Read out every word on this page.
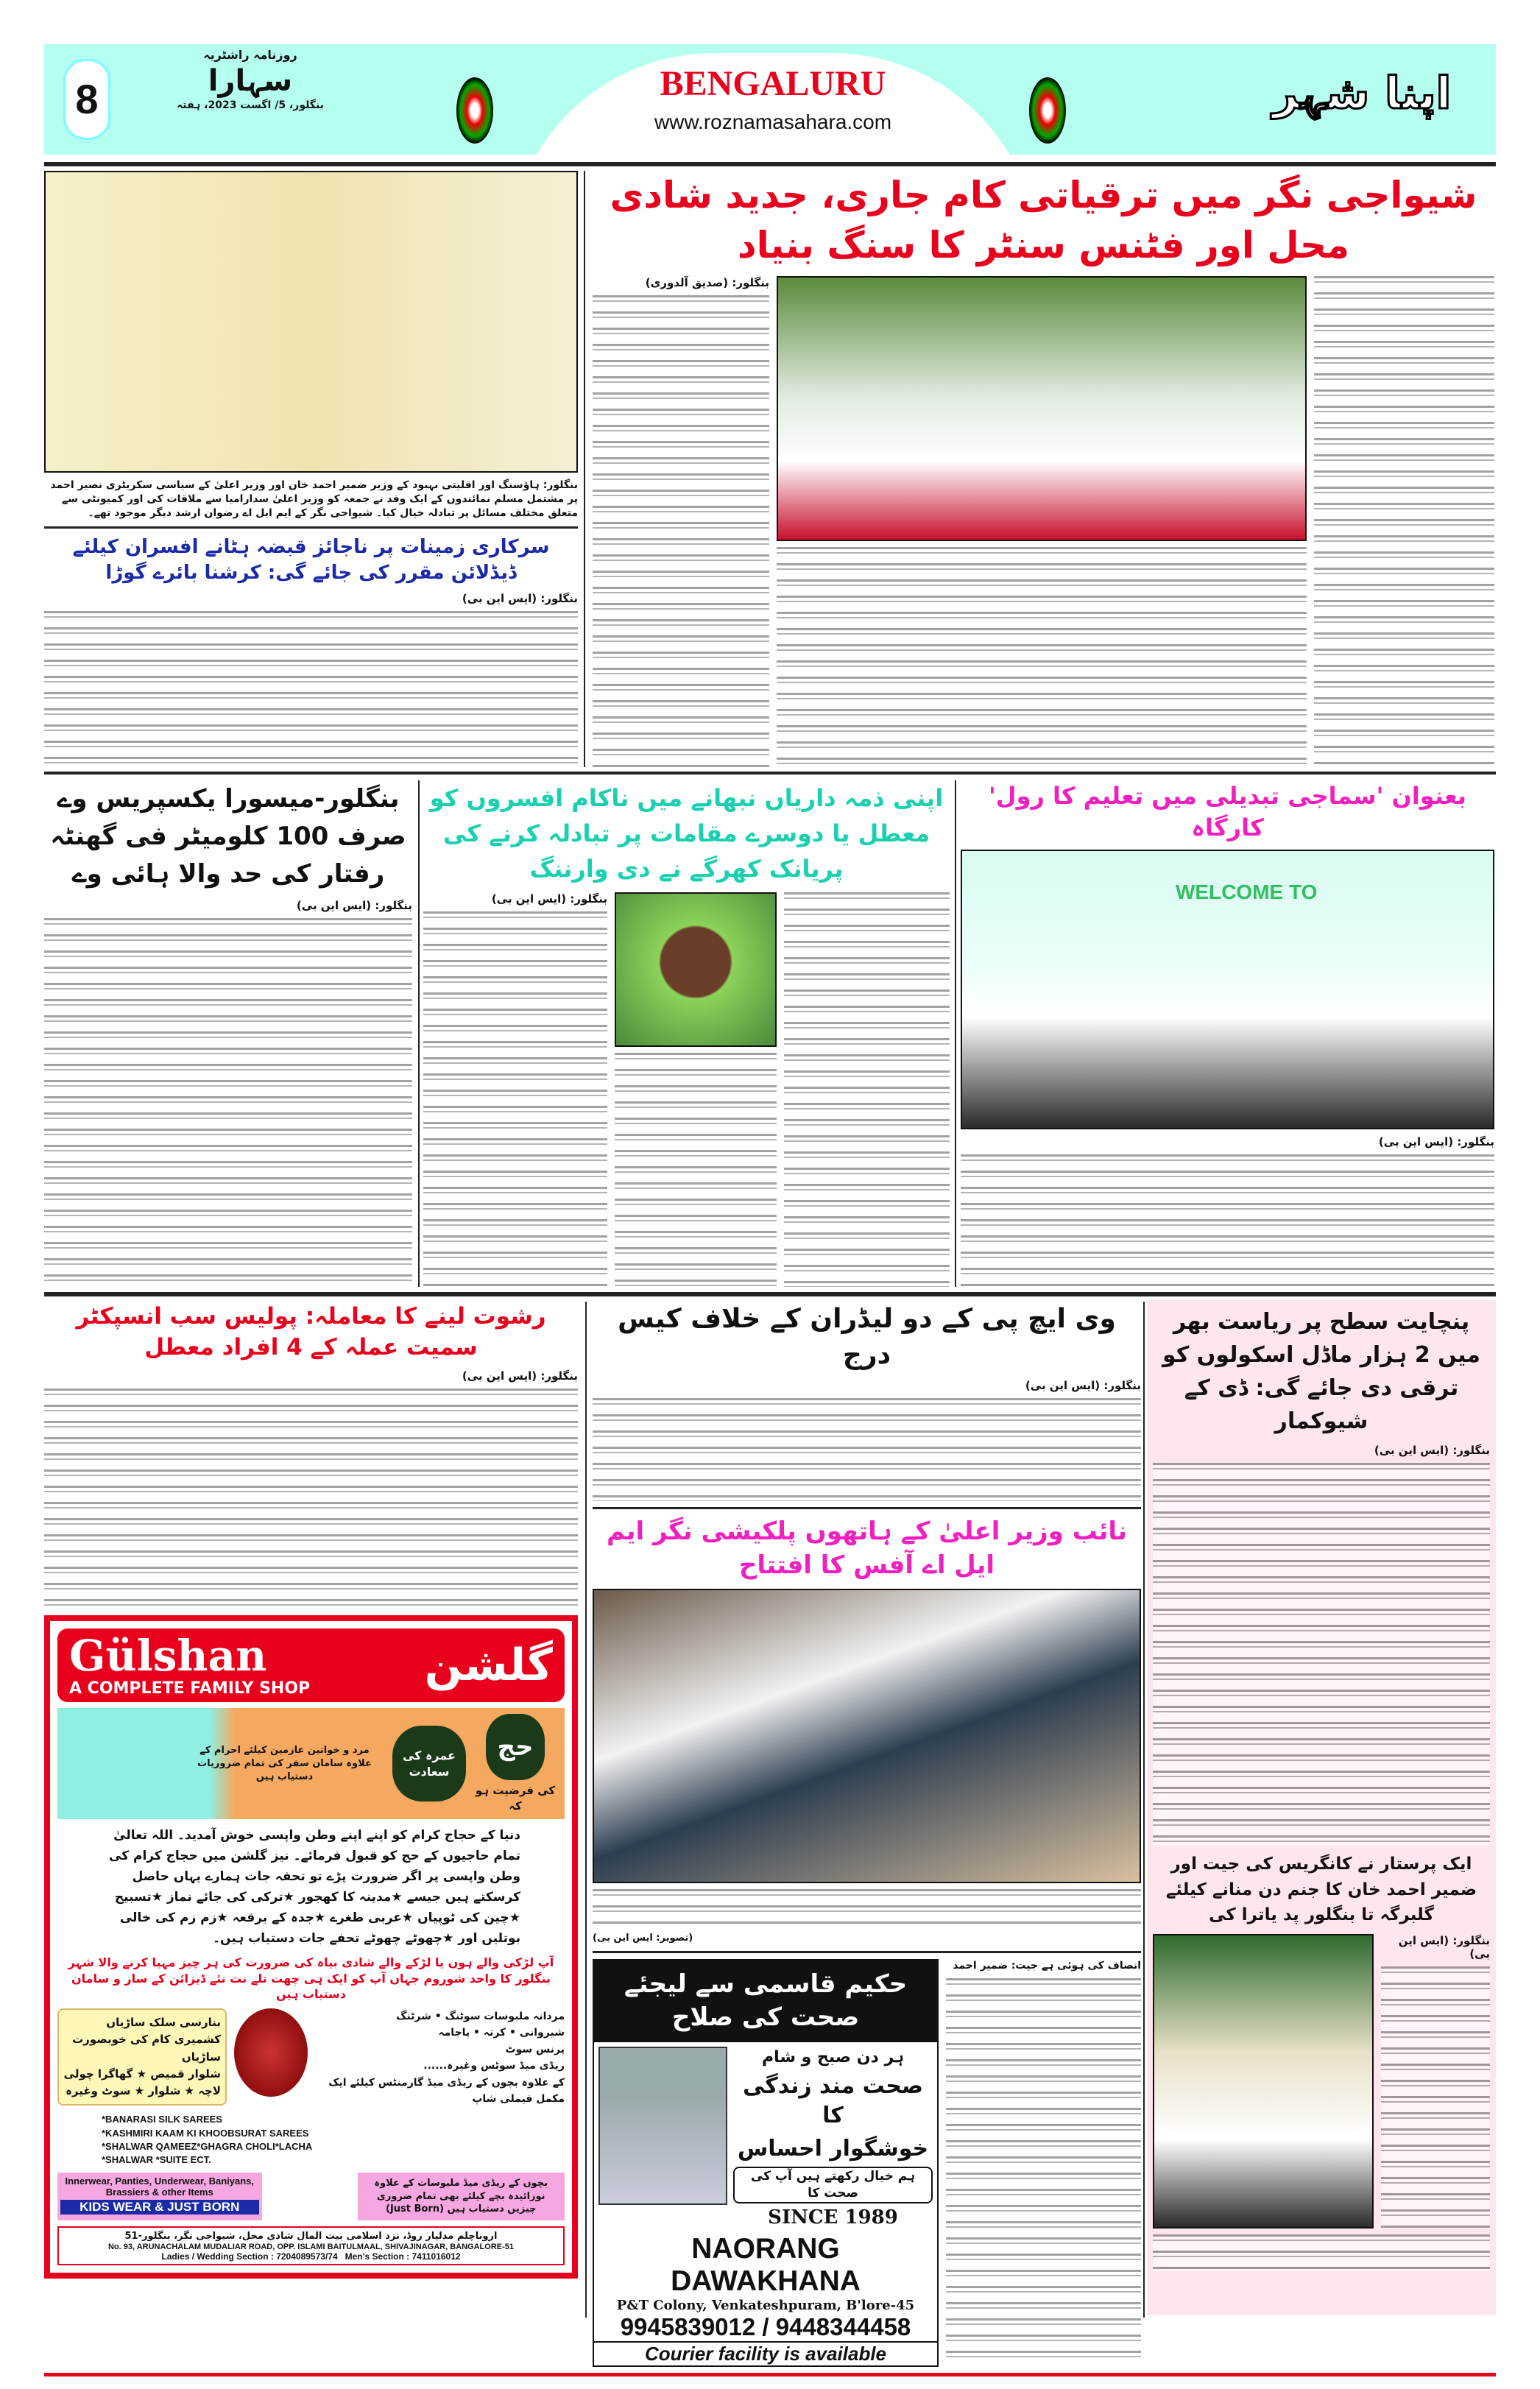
8
روزنامہ راشٹریہ
سہارا
بنگلور، 5/ اگست 2023، ہفتہ
BENGALURU
www.roznamasahara.com
اپنا شہر
بنگلور: ہاؤسنگ اور اقلیتی بہبود کے وزیر ضمیر احمد خان اور وزیر اعلیٰ کے سیاسی سکریٹری نصیر احمد پر مشتمل مسلم نمائندوں کے ایک وفد نے جمعہ کو وزیر اعلیٰ سدارامیا سے ملاقات کی اور کمیونٹی سے متعلق مختلف مسائل پر تبادلہ خیال کیا۔ شیواجی نگر کے ایم ایل اے رضوان ارشد دیگر موجود تھے۔
سرکاری زمینات پر ناجائز قبضہ ہٹانے افسران کیلئے ڈیڈلائن مقرر کی جائے گی: کرشنا بائرے گوڑا
بنگلور: (ایس این بی)
شیواجی نگر میں ترقیاتی کام جاری، جدید شادی محل اور فٹنس سنٹر کا سنگ بنیاد
بنگلور: (صدیق آلدوری)
بنگلور-میسورا یکسپریس وے صرف 100 کلومیٹر فی گھنٹہ رفتار کی حد والا ہائی وے
بنگلور: (ایس این بی)
اپنی ذمہ داریاں نبھانے میں ناکام افسروں کو معطل یا دوسرے مقامات پر تبادلہ کرنے کی پریانک کھرگے نے دی وارننگ
بنگلور: (ایس این بی)
بعنوان 'سماجی تبدیلی میں تعلیم کا رول' کارگاہ
WELCOME TO
بنگلور: (ایس این بی)
رشوت لینے کا معاملہ: پولیس سب انسپکٹر سمیت عملہ کے 4 افراد معطل
بنگلور: (ایس این بی)
Gülshan
A COMPLETE FAMILY SHOP	گلشن
مرد و خواتین عازمین کیلئے احرام کے علاوہ سامان سفر کی تمام ضروریات دستیاب ہیں
عمرہ کی سعادت
حج
کی فرضیت ہو کہ
دنیا کے حجاج کرام کو اپنے اپنے وطن واپسی خوش آمدید۔ اللہ تعالیٰ تمام حاجیوں کے حج کو قبول فرمائے۔ نیز گلشن میں حجاج کرام کی وطن واپسی پر اگر ضرورت پڑے تو تحفہ جات ہمارے یہاں حاصل کرسکتے ہیں جیسے ★مدینہ کا کھجور ★ترکی کی جائے نماز ★تسبیح ★چین کی ٹوپیاں ★عربی طغرے ★جدہ کے برقعہ ★زم زم کی خالی بوتلیں اور ★چھوٹے چھوٹے تحفے جات دستیاب ہیں۔
آپ لڑکی والے ہوں یا لڑکے والے شادی بیاہ کی ضرورت کی ہر چیز مہیا کرنے والا شہر بنگلور کا واحد شوروم جہاں آپ کو ایک ہی چھت تلے نت نئے ڈیزائن کے ساز و سامان دستیاب ہیں
بنارسی سلک ساڑیاں
کشمیری کام کی خوبصورت ساڑیاں
شلوار قمیص ★ گھاگرا چولی
لاچہ ★ شلوار ★ سوٹ وغیرہ
مردانہ ملبوسات سوٹنگ • شرٹنگ
شیروانی • کرتہ • پاجامہ
پرنس سوٹ
ریڈی میڈ سوٹس وغیرہ......
کے علاوہ بچوں کے ریڈی میڈ گارمنٹس کیلئے ایک مکمل فیملی شاپ
*BANARASI SILK SAREES
*KASHMIRI KAAM KI KHOOBSURAT SAREES
*SHALWAR QAMEEZ*GHAGRA CHOLI*LACHA
*SHALWAR *SUITE ECT.
Innerwear, Panties, Underwear, Baniyans, Brassiers & other Items
KIDS WEAR & JUST BORN
بچوں کے ریڈی میڈ ملبوسات کے علاوہ نوزائیدہ بچے کیلئے بھی تمام ضروری چیزیں دستیاب ہیں (Just Born)
اروناچلم مدلیار روڈ، نزد اسلامی بیت المال شادی محل، شیواجی نگر، بنگلور-51
No. 93, ARUNACHALAM MUDALIAR ROAD, OPP. ISLAMI BAITULMAAL, SHIVAJINAGAR, BANGALORE-51
Ladies / Wedding Section : 7204089573/74   Men's Section : 7411016012
وی ایچ پی کے دو لیڈران کے خلاف کیس درج
بنگلور: (ایس این بی)
نائب وزیر اعلیٰ کے ہاتھوں پلکیشی نگر ایم ایل اے آفس کا افتتاح
(تصویر: ایس این بی)
حکیم قاسمی سے لیجئے صحت کی صلاح
ہر دن صبح و شام
صحت مند زندگی کا
خوشگوار احساس
ہم خیال رکھتے ہیں آپ کی صحت کا
SINCE 1989
NAORANG DAWAKHANA
P&T Colony, Venkateshpuram, B'lore-45
9945839012 / 9448344458
Courier facility is available
انصاف کی ہوئی ہے جیت: ضمیر احمد
پنچایت سطح پر ریاست بھر میں 2 ہزار ماڈل اسکولوں کو ترقی دی جائے گی: ڈی کے شیوکمار
بنگلور: (ایس این بی)
ایک پرستار نے کانگریس کی جیت اور ضمیر احمد خان کا جنم دن منانے کیلئے گلبرگہ تا بنگلور پد یاترا کی
بنگلور: (ایس این بی)
